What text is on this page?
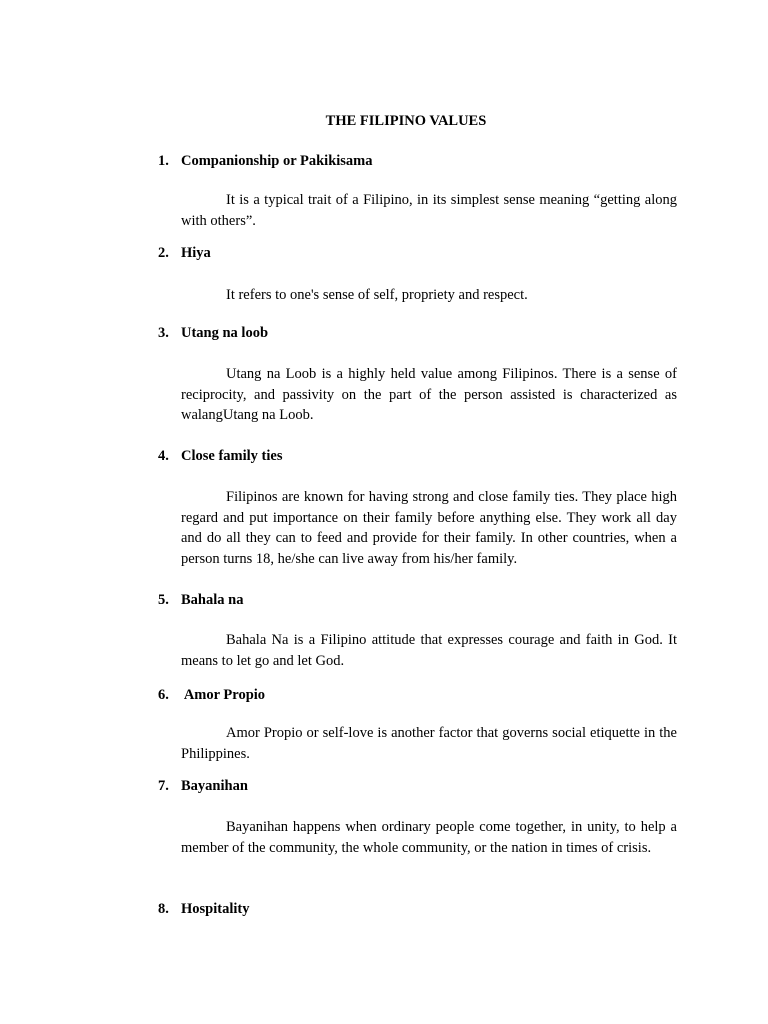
THE FILIPINO VALUES
1. Companionship or Pakikisama

It is a typical trait of a Filipino, in its simplest sense meaning “getting along with others”.

2. Hiya

It refers to one's sense of self, propriety and respect.

3. Utang na loob

Utang na Loob is a highly held value among Filipinos. There is a sense of reciprocity, and passivity on the part of the person assisted is characterized as walangUtang na Loob.

4. Close family ties

Filipinos are known for having strong and close family ties. They place high regard and put importance on their family before anything else. They work all day and do all they can to feed and provide for their family. In other countries, when a person turns 18, he/she can live away from his/her family.

5. Bahala na

Bahala Na is a Filipino attitude that expresses courage and faith in God. It means to let go and let God.

6. Amor Propio

Amor Propio or self-love is another factor that governs social etiquette in the Philippines.

7. Bayanihan

Bayanihan happens when ordinary people come together, in unity, to help a member of the community, the whole community, or the nation in times of crisis.

8. Hospitality
